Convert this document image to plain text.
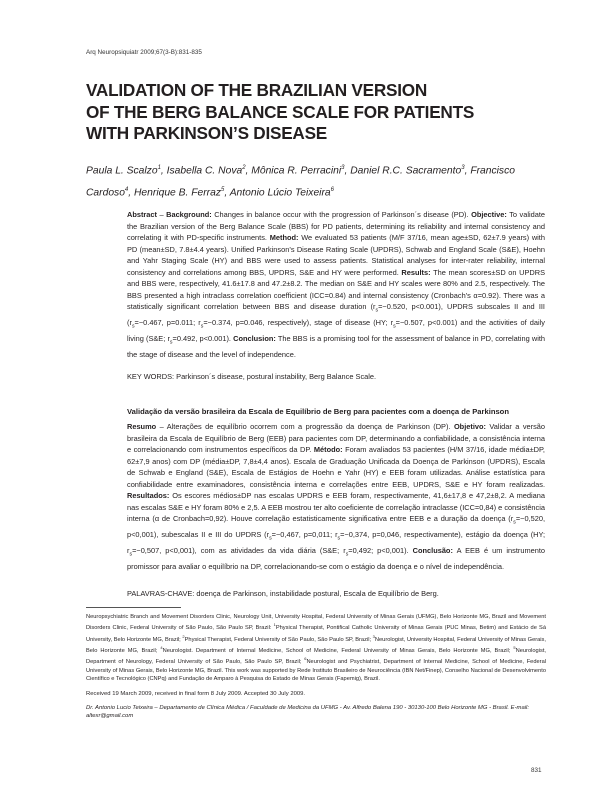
Arq Neuropsiquiatr 2009;67(3-B):831-835
VALIDATION OF THE BRAZILIAN VERSION
OF THE BERG BALANCE SCALE FOR PATIENTS
WITH PARKINSON’S DISEASE
Paula L. Scalzo$^1$, Isabella C. Nova$^2$, Mônica R. Perracini$^3$, Daniel R.C. Sacramento$^3$, Francisco Cardoso$^4$, Henrique B. Ferraz$^5$, Antonio Lúcio Teixeira$^6$

Abstract – Background: Changes in balance occur with the progression of Parkinson´s disease (PD). Objective: To validate the Brazilian version of the Berg Balance Scale (BBS) for PD patients, determining its reliability and internal consistency and correlating it with PD-specific instruments. Method: We evaluated 53 patients (M/F 37/16, mean age±SD, 62±7.9 years) with PD (mean±SD, 7.8±4.4 years). Unified Parkinson’s Disease Rating Scale (UPDRS), Schwab and England Scale (S&E), Hoehn and Yahr Staging Scale (HY) and BBS were used to assess patients. Statistical analyses for inter-rater reliability, internal consistency and correlations among BBS, UPDRS, S&E and HY were performed. Results: The mean scores±SD on UPDRS and BBS were, respectively, 41.6±17.8 and 47.2±8.2. The median on S&E and HY scales were 80% and 2.5, respectively. The BBS presented a high intraclass correlation coefficient (ICC=0.84) and internal consistency (Cronbach’s α=0.92). There was a statistically significant correlation between BBS and disease duration ($r_s=-0.520$, p<0.001), UPDRS subscales II and III ($r_s=-0.467$, p=0.011; $r_s=-0.374$, p=0.046, respectively), stage of disease (HY; $r_s=-0.507$, p<0.001) and the activities of daily living (S&E; $r_s=0.492$, p<0.001). Conclusion: The BBS is a promising tool for the assessment of balance in PD, correlating with the stage of disease and the level of independence.

KEY WORDS: Parkinson´s disease, postural instability, Berg Balance Scale.

Validação da versão brasileira da Escala de Equilíbrio de Berg para pacientes com a doença de Parkinson

Resumo – Alterações de equilíbrio ocorrem com a progressão da doença de Parkinson (DP). Objetivo: Validar a versão brasileira da Escala de Equilíbrio de Berg (EEB) para pacientes com DP, determinando a confiabilidade, a consistência interna e correlacionando com instrumentos específicos da DP. Método: Foram avaliados 53 pacientes (H/M 37/16, idade média±DP, 62±7,9 anos) com DP (média±DP, 7,8±4,4 anos). Escala de Graduação Unificada da Doença de Parkinson (UPDRS), Escala de Schwab e England (S&E), Escala de Estágios de Hoehn e Yahr (HY) e EEB foram utilizadas. Análise estatística para confiabilidade entre examinadores, consistência interna e correlações entre EEB, UPDRS, S&E e HY foram realizadas. Resultados: Os escores médios±DP nas escalas UPDRS e EEB foram, respectivamente, 41,6±17,8 e 47,2±8,2. A mediana nas escalas S&E e HY foram 80% e 2,5. A EEB mostrou ter alto coeficiente de correlação intraclasse (ICC=0,84) e consistência interna (α de Cronbach=0,92). Houve correlação estatisticamente significativa entre EEB e a duração da doença ($r_s=-0,520$, p<0,001), subescalas II e III do UPDRS ($r_s=-0,467$, p=0,011; $r_s=-0,374$, p=0,046, respectivamente), estágio da doença (HY; $r_s=-0,507$, p<0,001), com as atividades da vida diária (S&E; $r_s=0,492$; p<0,001). Conclusão: A EEB é um instrumento promissor para avaliar o equilíbrio na DP, correlacionando-se com o estágio da doença e o nível de independência.

PALAVRAS-CHAVE: doença de Parkinson, instabilidade postural, Escala de Equilíbrio de Berg.

Neuropsychiatric Branch and Movement Disorders Clinic, Neurology Unit, University Hospital, Federal University of Minas Gerais (UFMG), Belo Horizonte MG, Brazil and Movement Disorders Clinic, Federal University of São Paulo, São Paulo SP, Brazil: $^1$Physical Therapist, Pontifical Catholic University of Minas Gerais (PUC Minas, Betim) and Estácio de Sá University, Belo Horizonte MG, Brazil; $^2$Physical Therapist, Federal University of São Paulo, São Paulo SP, Brazil; $^3$Neurologist, University Hospital, Federal University of Minas Gerais, Belo Horizonte MG, Brazil; $^4$Neurologist. Department of Internal Medicine, School of Medicine, Federal University of Minas Gerais, Belo Horizonte MG, Brazil; $^5$Neurologist, Department of Neurology, Federal University of São Paulo, São Paulo SP, Brazil; $^6$Neurologist and Psychiatrist, Department of Internal Medicine, School of Medicine, Federal University of Minas Gerais, Belo Horizonte MG, Brazil. This work was supported by Rede Instituto Brasileiro de Neurociência (IBN Net/Finep), Conselho Nacional de Desenvolvimento Científico e Tecnológico (CNPq) and Fundação de Amparo à Pesquisa do Estado de Minas Gerais (Fapemig), Brazil.

Received 19 March 2009, received in final form 8 July 2009. Accepted 30 July 2009.

Dr. Antonio Lucio Teixeira – Departamento de Clínica Médica / Faculdade de Medicina da UFMG - Av. Alfredo Balena 190 - 30130-100 Belo Horizonte MG - Brasil. E-mail: altexr@gmail.com

831
